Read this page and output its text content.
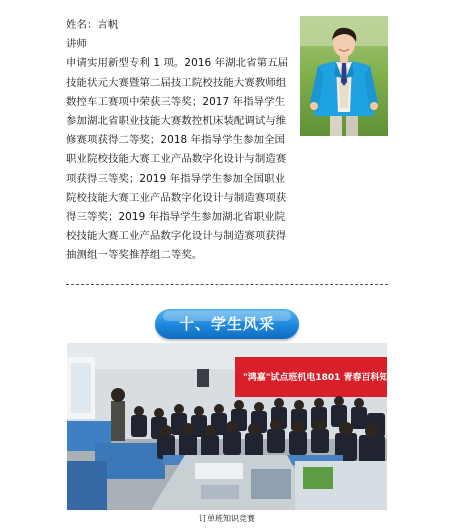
姓名：言帆

讲师

申请实用新型专利 1 项。2016 年湖北省第五届技能状元大赛暨第二届技工院校技能大赛教师组数控车工赛项中荣获三等奖；2017 年指导学生参加湖北省职业技能大赛数控机床装配调试与维修赛项获得二等奖；2018 年指导学生参加全国职业院校技能大赛工业产品数字化设计与制造赛项获得三等奖；2019 年指导学生参加全国职业院校技能大赛工业产品数字化设计与制造赛项获得三等奖；2019 年指导学生参加湖北省职业院校技能大赛工业产品数字化设计与制造赛项获得抽测组一等奖推荐组二等奖。

十、学生风采
"鸿嘉"试点班机电1801 青春百科知识竞赛
订单班知识竞赛
